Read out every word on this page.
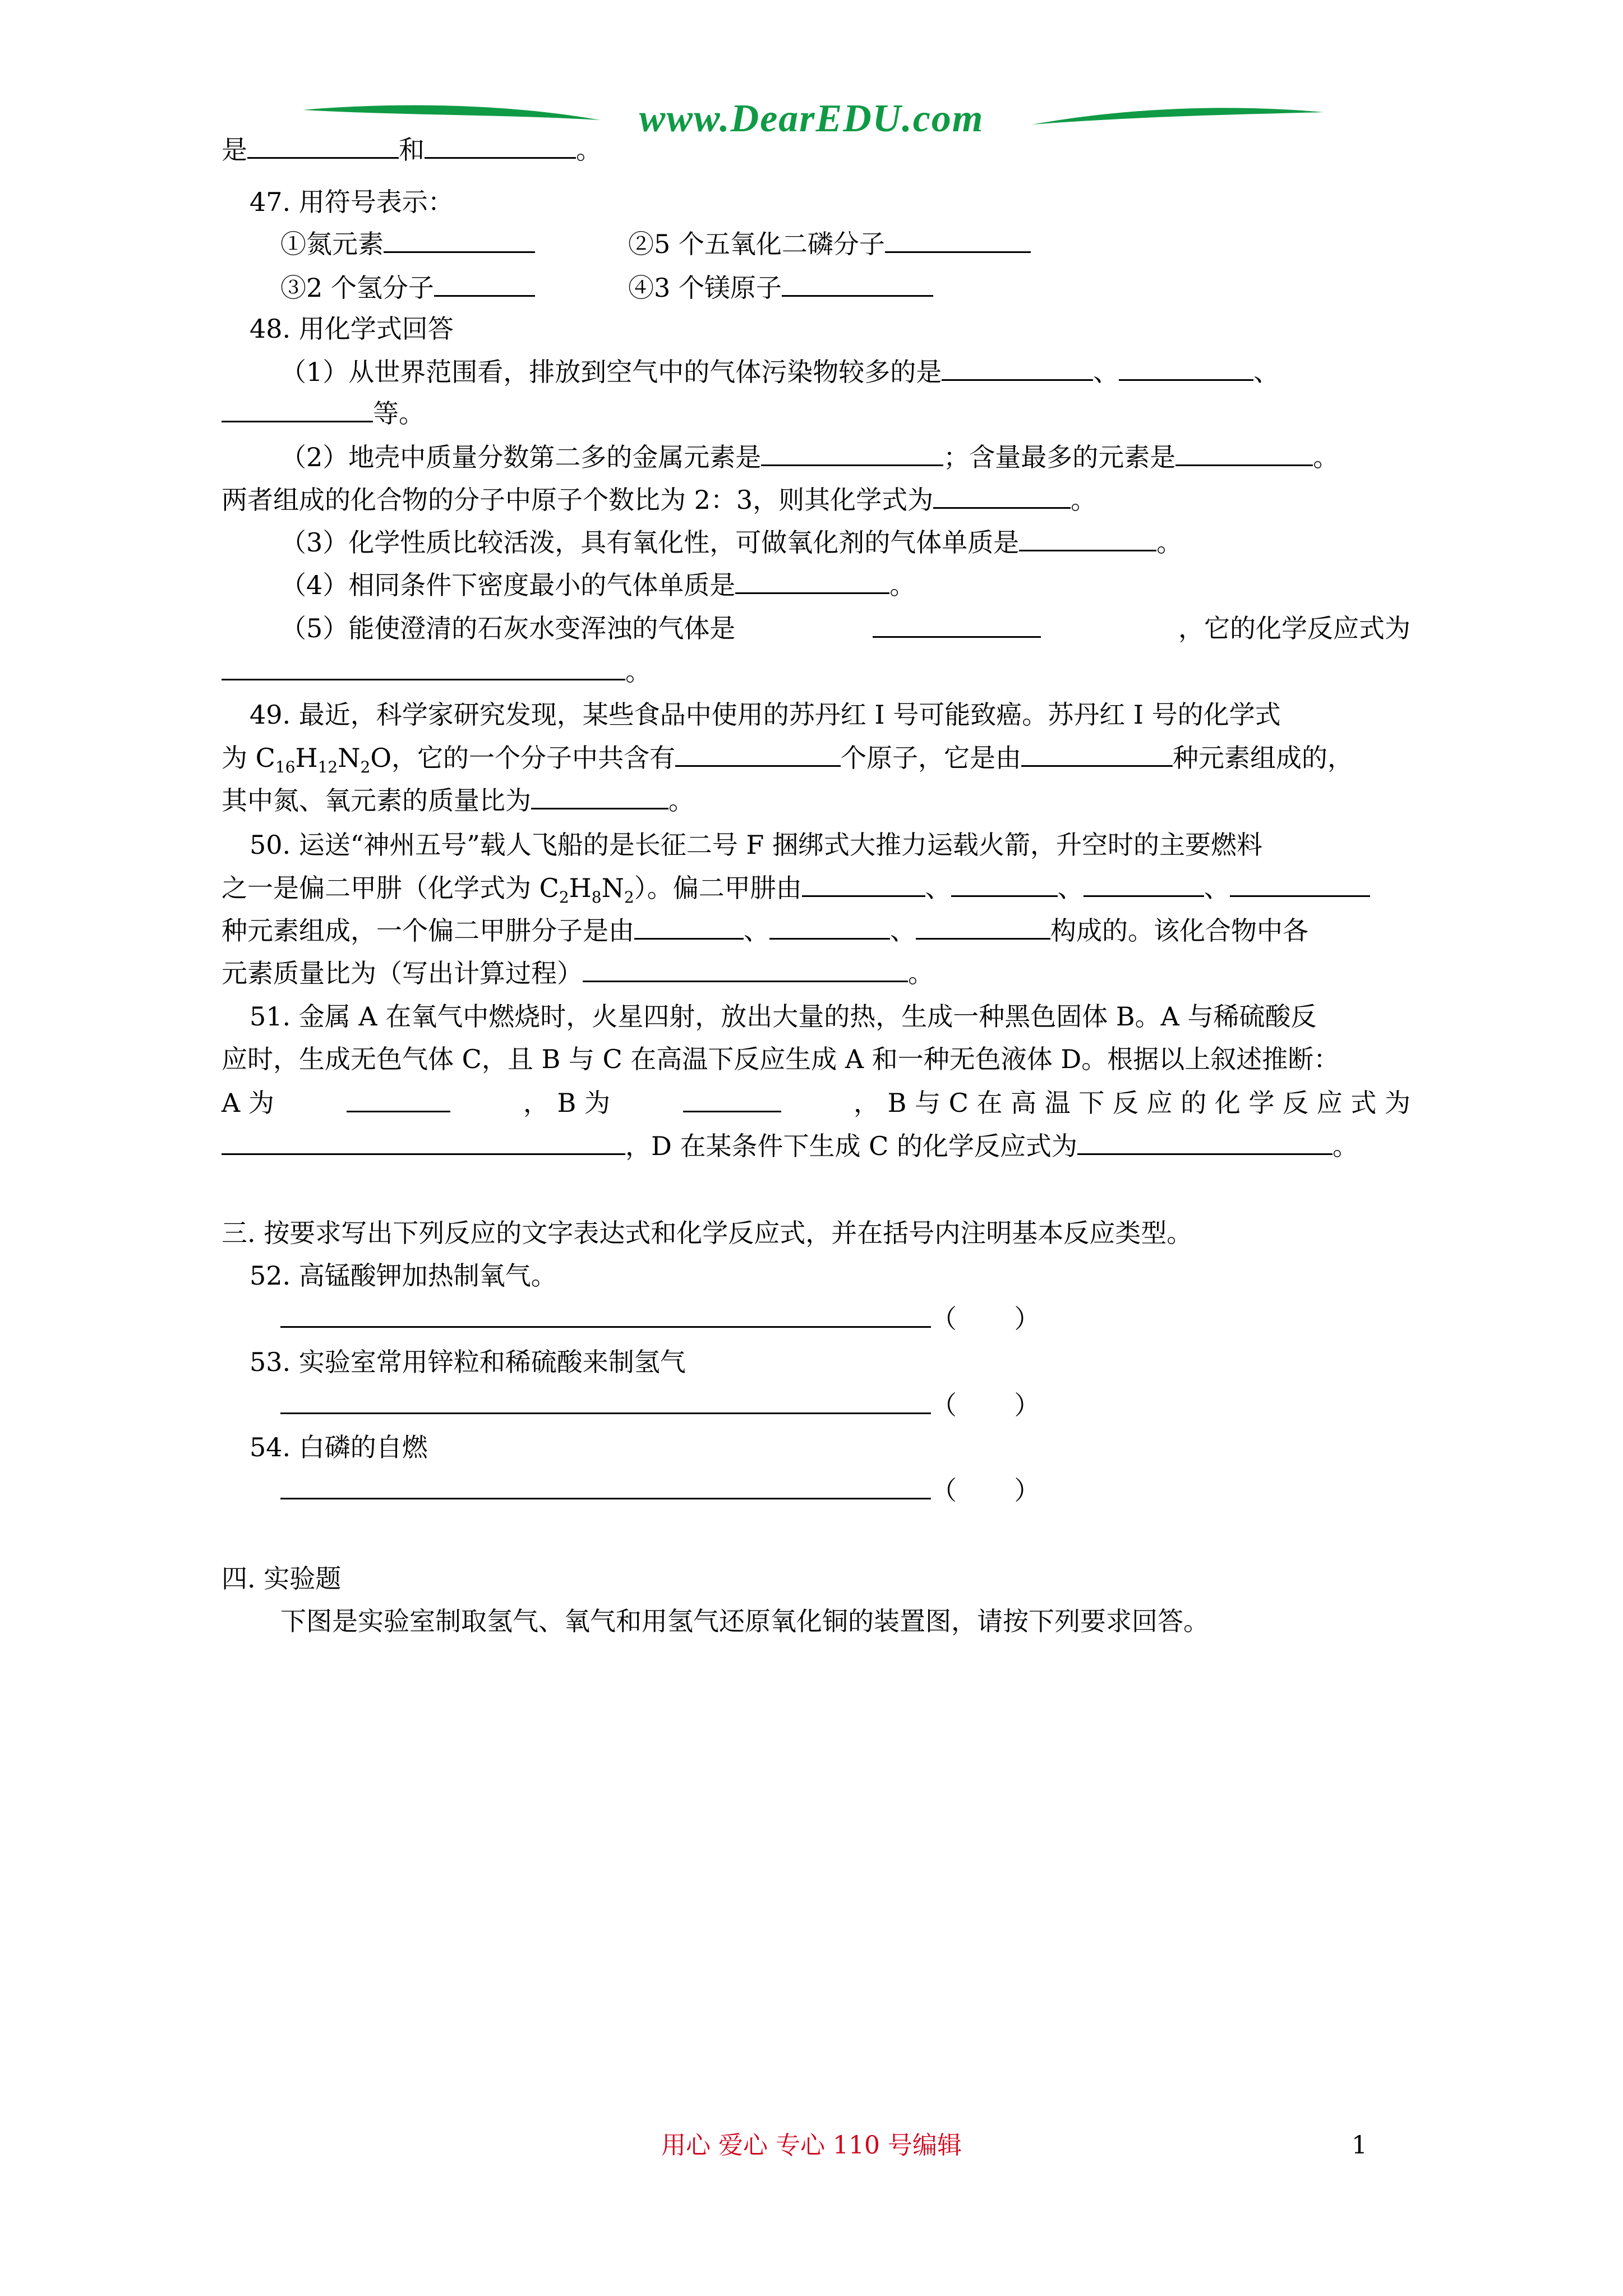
www.DearEDU.com
是	和	。
47. 用符号表示：
①氮元素	②5 个五氧化二磷分子
③2 个氢分子	④3 个镁原子
48. 用化学式回答
（1）从世界范围看，排放到空气中的气体污染物较多的是	、	、
等。
（2）地壳中质量分数第二多的金属元素是	；含量最多的元素是	。
两者组成的化合物的分子中原子个数比为 2：3，则其化学式为	。
（3）化学性质比较活泼，具有氧化性，可做氧化剂的气体单质是	。
（4）相同条件下密度最小的气体单质是	。
（5）能使澄清的石灰水变浑浊的气体是	，它的化学反应式为
。
49. 最近，科学家研究发现，某些食品中使用的苏丹红 I 号可能致癌。苏丹红 I 号的化学式
为 $C_{16}H_{12}N_2O$，它的一个分子中共含有	个原子，它是由	种元素组成的，
其中氮、氧元素的质量比为	。
50. 运送“神州五号”载人飞船的是长征二号 F 捆绑式大推力运载火箭，升空时的主要燃料
之一是偏二甲肼（化学式为 $C_2H_8N_2$）。偏二甲肼由	、	、	、
种元素组成，一个偏二甲肼分子是由	、	、	构成的。该化合物中各
元素质量比为（写出计算过程）	。
51. 金属 A 在氧气中燃烧时，火星四射，放出大量的热，生成一种黑色固体 B。A 与稀硫酸反
应时，生成无色气体 C，且 B 与 C 在高温下反应生成 A 和一种无色液体 D。根据以上叙述推断：
A 为	， B 为	， B 与 C 在 高 温 下 反 应 的 化 学 反 应 式 为
，D 在某条件下生成 C 的化学反应式为	。
三. 按要求写出下列反应的文字表达式和化学反应式，并在括号内注明基本反应类型。
52. 高锰酸钾加热制氧气。
（       ）
53. 实验室常用锌粒和稀硫酸来制氢气
（       ）
54. 白磷的自燃
（       ）
四. 实验题
下图是实验室制取氢气、氧气和用氢气还原氧化铜的装置图，请按下列要求回答。
用心 爱心 专心 110 号编辑	1
